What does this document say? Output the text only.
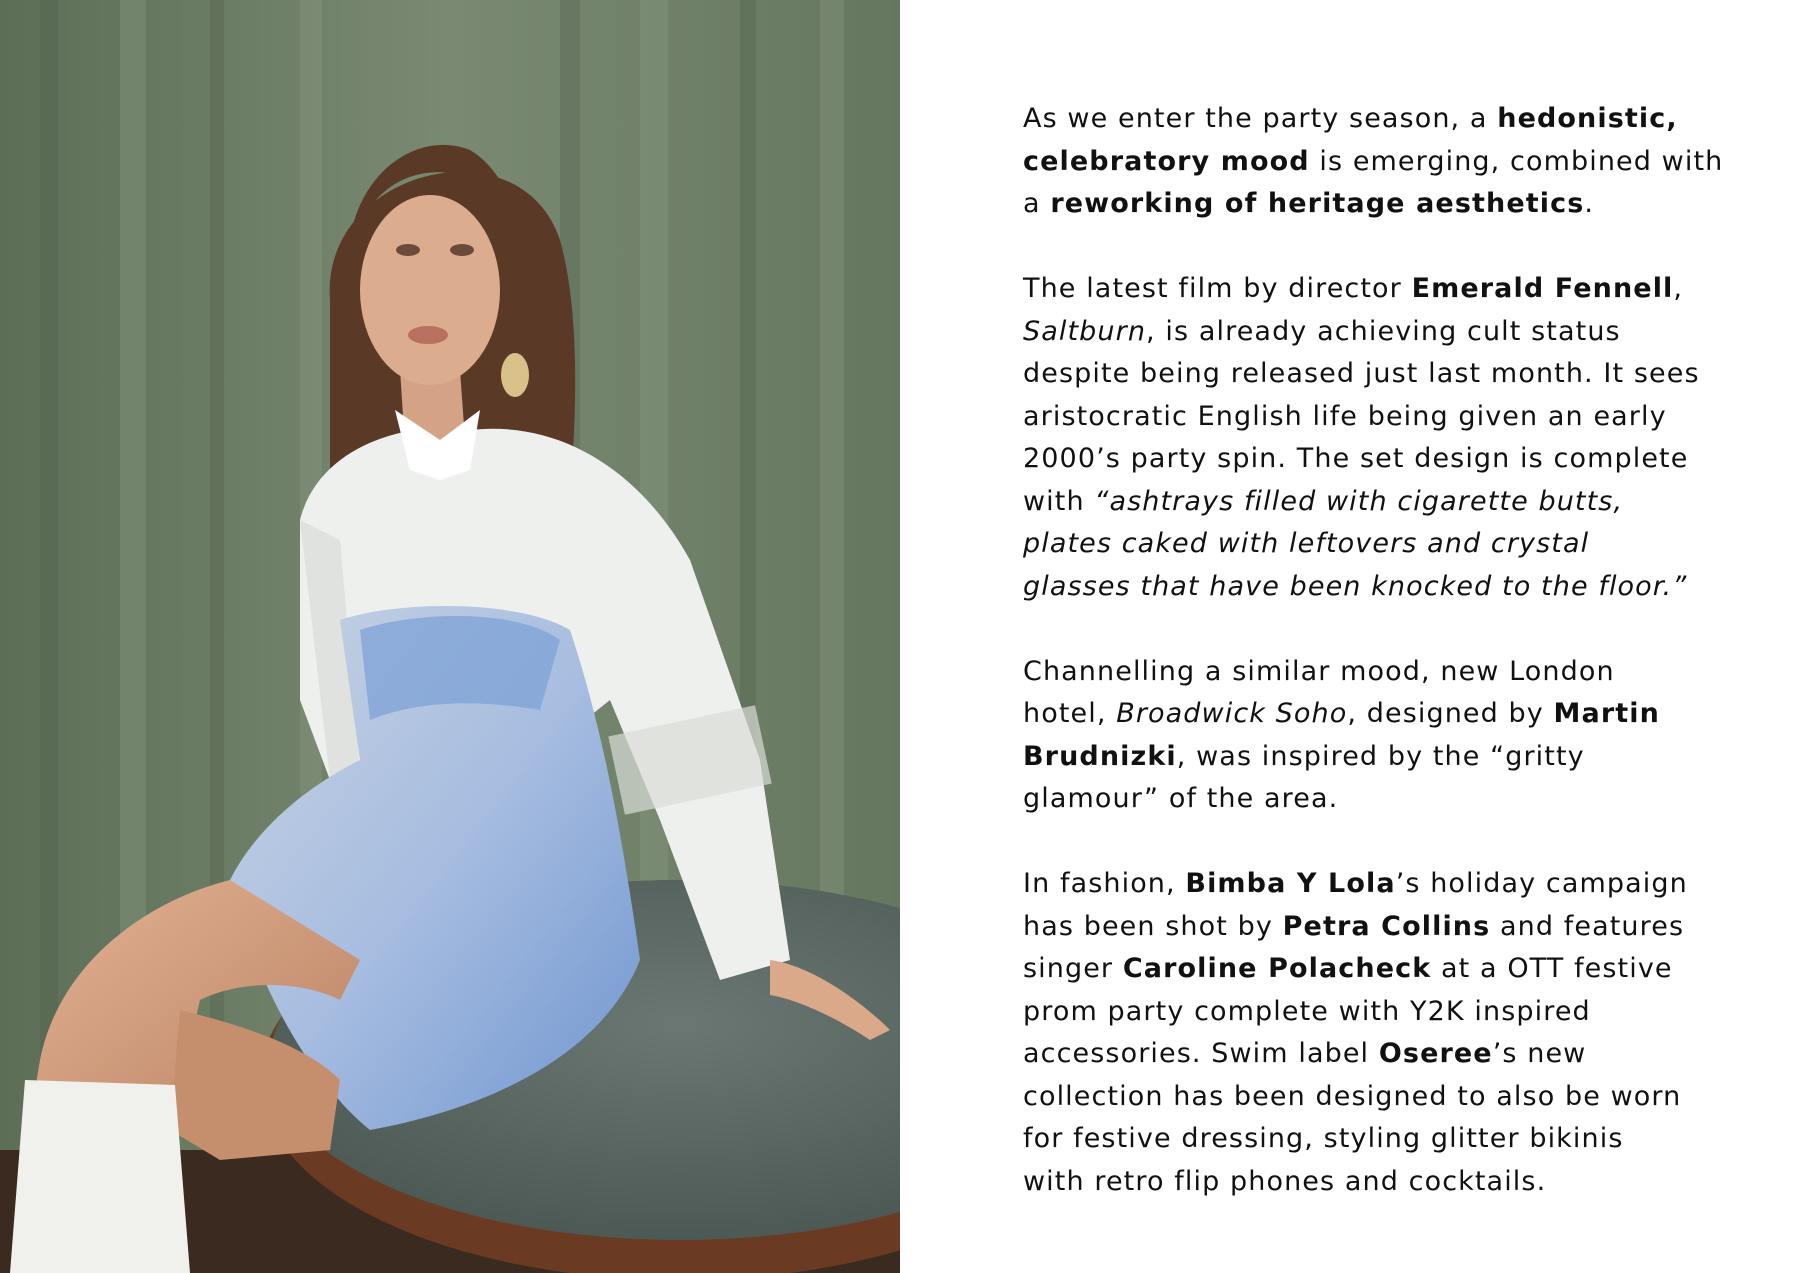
As we enter the party season, a hedonistic,
celebratory mood is emerging, combined with
a reworking of heritage aesthetics.

The latest film by director Emerald Fennell,
Saltburn, is already achieving cult status
despite being released just last month. It sees
aristocratic English life being given an early
2000’s party spin. The set design is complete
with “ashtrays filled with cigarette butts,
plates caked with leftovers and crystal
glasses that have been knocked to the floor.”

Channelling a similar mood, new London
hotel, Broadwick Soho, designed by Martin
Brudnizki, was inspired by the “gritty
glamour” of the area.

In fashion, Bimba Y Lola’s holiday campaign
has been shot by Petra Collins and features
singer Caroline Polacheck at a OTT festive
prom party complete with Y2K inspired
accessories. Swim label Oseree’s new
collection has been designed to also be worn
for festive dressing, styling glitter bikinis
with retro flip phones and cocktails.
